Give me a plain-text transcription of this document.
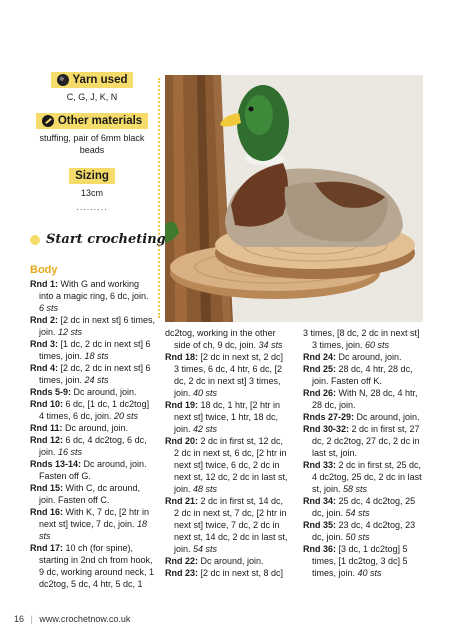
Yarn used
C, G, J, K, N
Other materials
stuffing, pair of 6mm black beads
Sizing
13cm
.........
Start crocheting
Body
Rnd 1: With G and working into a magic ring, 6 dc, join. 6 sts
Rnd 2: [2 dc in next st] 6 times, join. 12 sts
Rnd 3: [1 dc, 2 dc in next st] 6 times, join. 18 sts
Rnd 4: [2 dc, 2 dc in next st] 6 times, join. 24 sts
Rnds 5-9: Dc around, join.
Rnd 10: 6 dc, [1 dc, 1 dc2tog] 4 times, 6 dc, join. 20 sts
Rnd 11: Dc around, join.
Rnd 12: 6 dc, 4 dc2tog, 6 dc, join. 16 sts
Rnds 13-14: Dc around, join. Fasten off G.
Rnd 15: With C, dc around, join. Fasten off C.
Rnd 16: With K, 7 dc, [2 htr in next st] twice, 7 dc, join. 18 sts
Rnd 17: 10 ch (for spine), starting in 2nd ch from hook, 9 dc, working around neck, 1 dc2tog, 5 dc, 4 htr, 5 dc, 1
dc2tog, working in the other side of ch, 9 dc, join. 34 sts
Rnd 18: [2 dc in next st, 2 dc] 3 times, 6 dc, 4 htr, 6 dc, [2 dc, 2 dc in next st] 3 times, join. 40 sts
Rnd 19: 18 dc, 1 htr, [2 htr in next st] twice, 1 htr, 18 dc, join. 42 sts
Rnd 20: 2 dc in first st, 12 dc, 2 dc in next st, 6 dc, [2 htr in next st] twice, 6 dc, 2 dc in next st, 12 dc, 2 dc in last st, join. 48 sts
Rnd 21: 2 dc in first st, 14 dc, 2 dc in next st, 7 dc, [2 htr in next st] twice, 7 dc, 2 dc in next st, 14 dc, 2 dc in last st, join. 54 sts
Rnd 22: Dc around, join.
Rnd 23: [2 dc in next st, 8 dc]
3 times, [8 dc, 2 dc in next st] 3 times, join. 60 sts
Rnd 24: Dc around, join.
Rnd 25: 28 dc, 4 htr, 28 dc, join. Fasten off K.
Rnd 26: With N, 28 dc, 4 htr, 28 dc, join.
Rnds 27-29: Dc around, join.
Rnd 30-32: 2 dc in first st, 27 dc, 2 dc2tog, 27 dc, 2 dc in last st, join.
Rnd 33: 2 dc in first st, 25 dc, 4 dc2tog, 25 dc, 2 dc in last st, join. 58 sts
Rnd 34: 25 dc, 4 dc2tog, 25 dc, join. 54 sts
Rnd 35: 23 dc, 4 dc2tog, 23 dc, join. 50 sts
Rnd 36: [3 dc, 1 dc2tog] 5 times, [1 dc2tog, 3 dc] 5 times, join. 40 sts
16 | www.crochetnow.co.uk
